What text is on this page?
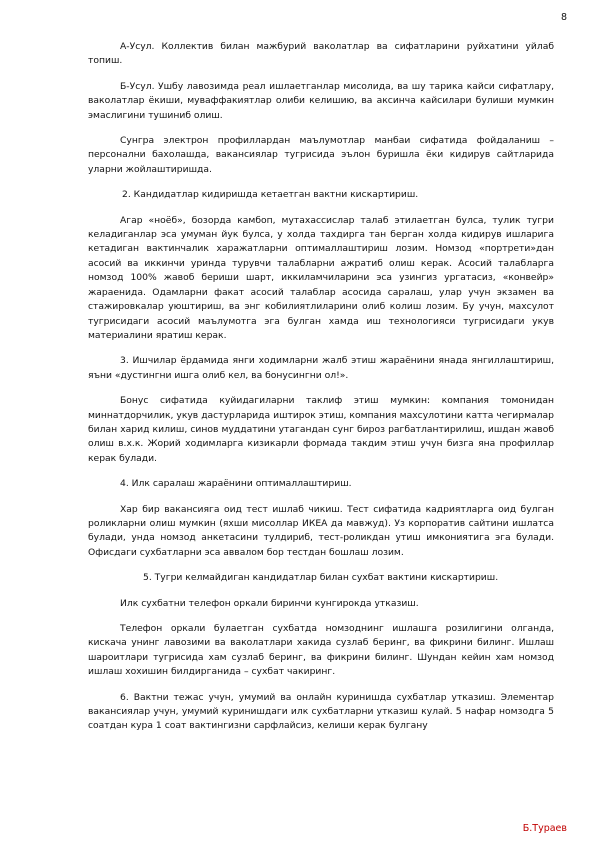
8

А-Усул. Коллектив билан мажбурий ваколатлар ва сифатларини руйхатини уйлаб топиш.

Б-Усул. Ушбу лавозимда реал ишлаетганлар мисолида, ва шу тарика кайси сифатлару, ваколатлар ёкиши, муваффакиятлар олиби келишию, ва аксинча кайсилари булиши мумкин эмаслигини тушиниб олиш.

Сунгра электрон профиллардан маълумотлар манбаи сифатида фойдаланиш – персонални бахолашда, вакансиялар тугрисида эълон буришла ёки кидирув сайтларида уларни жойлаштиришда.

2. Кандидатлар кидиришда кетаетган вактни кискартириш.

Агар «ноёб», бозорда камбоп, мутахассислар талаб этилаетган булса, тулик тугри келадиганлар эса умуман йук булса, у холда тахдирга тан берган холда кидирув ишларига кетадиган вактинчалик харажатларни оптималлаштириш лозим. Номзод «портрети»дан асосий ва иккинчи уринда турувчи талабларни ажратиб олиш керак. Асосий талабларга номзод 100% жавоб бериши шарт, иккиламчиларини эса узингиз ургатасиз, «конвейр» жараенида. Одамларни факат асосий талаблар асосида саралаш, улар учун экзамен ва стажировкалар уюштириш, ва энг кобилиятлиларини олиб колиш лозим. Бу учун, махсулот тугрисидаги асосий маълумотга эга булган хамда иш технологияси тугрисидаги укув материалини яратиш керак.

3. Ишчилар ёрдамида янги ходимларни жалб этиш жараёнини янада янгиллаштириш, яъни «дустингни ишга олиб кел, ва бонусингни ол!».

Бонус сифатида куйидагиларни таклиф этиш мумкин: компания томонидан миннатдорчилик, укув дастурларида иштирок этиш, компания махсулотини катта чегирмалар билан харид килиш, синов муддатини утагандан сунг бироз рагбатлантирилиш, ишдан жавоб олиш в.х.к. Жорий ходимларга кизикарли формада такдим этиш учун бизга яна профиллар керак булади.

4. Илк саралаш жараёнини оптималлаштириш.

Хар бир вакансияга оид тест ишлаб чикиш. Тест сифатида кадриятларга оид булган роликларни олиш мумкин (яхши мисоллар ИКЕА да мавжуд). Уз корпоратив сайтини ишлатса булади, унда номзод анкетасини тулдириб, тест-роликдан утиш имкониятига эга булади. Офисдаги сухбатларни эса аввалом бор тестдан бошлаш лозим.

5. Тугри келмайдиган кандидатлар билан сухбат вактини кискартириш.

Илк сухбатни телефон оркали биринчи кунгирокда утказиш.

Телефон оркали булаетган сухбатда номзоднинг ишлашга розилигини олганда, кискача унинг лавозими ва ваколатлари хакида сузлаб беринг, ва фикрини билинг. Ишлаш шароитлари тугрисида хам сузлаб беринг, ва фикрини билинг. Шундан кейин хам номзод ишлаш хохишин билдирганида – сухбат чакиринг.

6. Вактни тежас учун, умумий ва онлайн куринишда сухбатлар утказиш. Элементар вакансиялар учун, умумий куринишдаги илк сухбатларни утказиш кулай. 5 нафар номзодга 5 соатдан кура 1 соат вактингизни сарфлайсиз, келиши керак булгану

Б.Тураев
